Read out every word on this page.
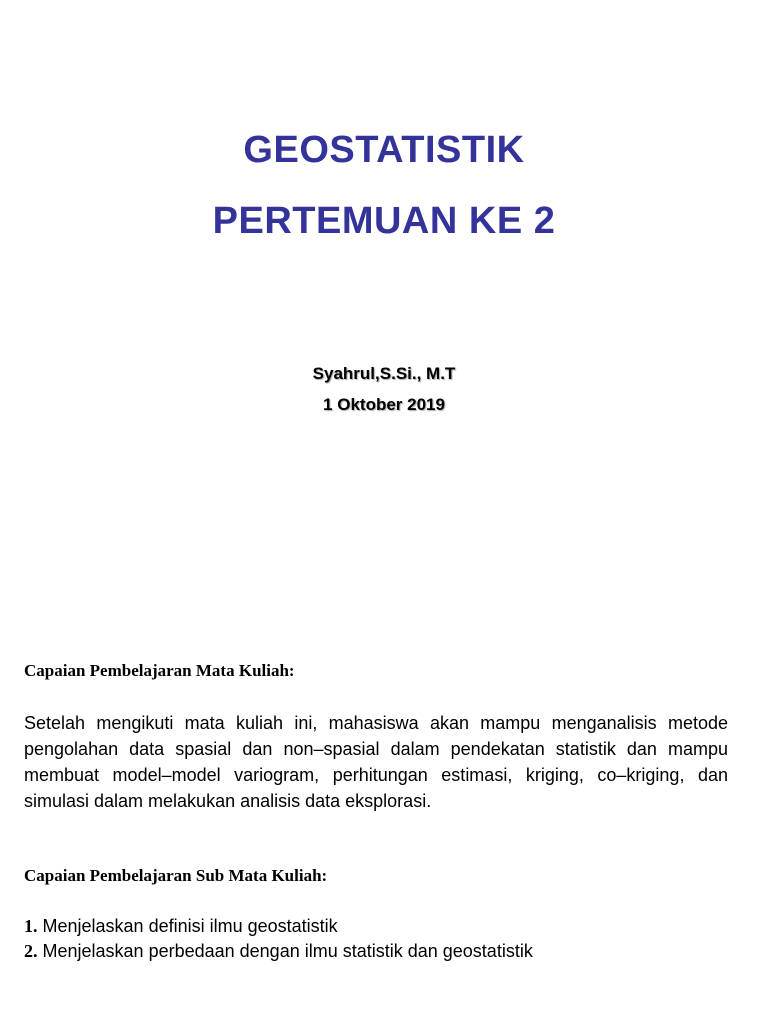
GEOSTATISTIK
PERTEMUAN KE 2
Syahrul,S.Si., M.T
1 Oktober 2019

Capaian Pembelajaran Mata Kuliah:

Setelah mengikuti mata kuliah ini, mahasiswa akan mampu menganalisis metode pengolahan data spasial dan non–spasial dalam pendekatan statistik dan mampu membuat model–model variogram, perhitungan estimasi, kriging, co–kriging, dan simulasi dalam melakukan analisis data eksplorasi.

Capaian Pembelajaran Sub Mata Kuliah:

1. Menjelaskan definisi ilmu geostatistik
2. Menjelaskan perbedaan dengan ilmu statistik dan geostatistik
